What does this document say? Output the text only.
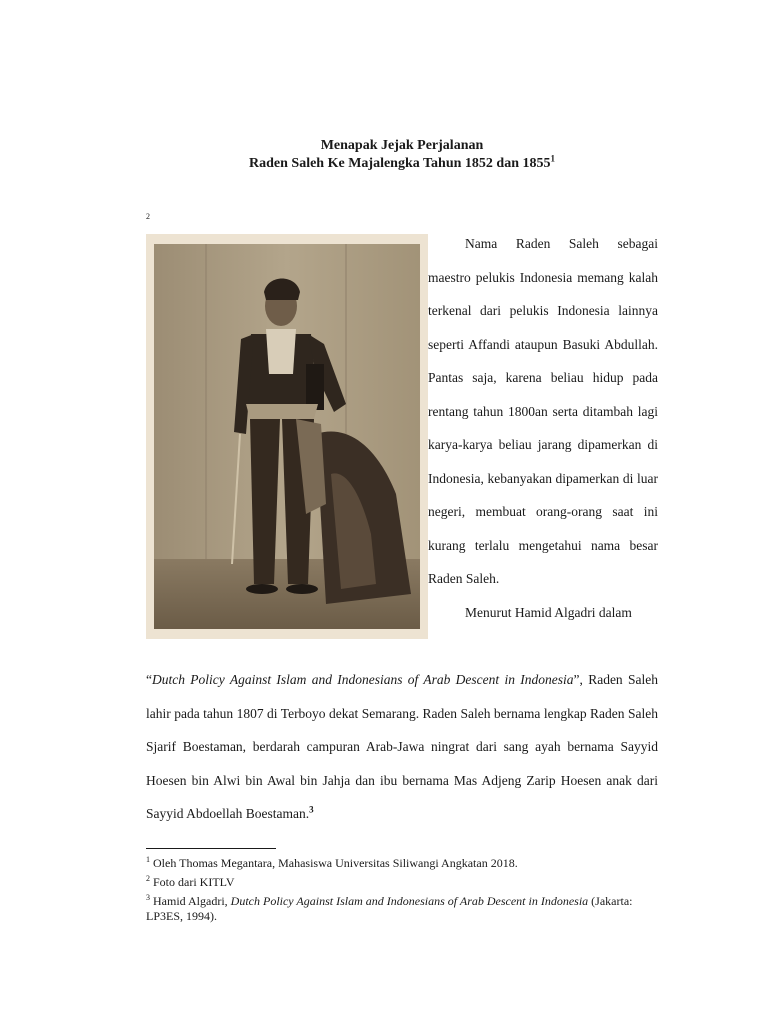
Menapak Jejak Perjalanan
Raden Saleh Ke Majalengka Tahun 1852 dan 1855$^1$
2

Nama Raden Saleh sebagai maestro pelukis Indonesia memang kalah terkenal dari pelukis Indonesia lainnya seperti Affandi ataupun Basuki Abdullah. Pantas saja, karena beliau hidup pada rentang tahun 1800an serta ditambah lagi karya-karya beliau jarang dipamerkan di Indonesia, kebanyakan dipamerkan di luar negeri, membuat orang-orang saat ini kurang terlalu mengetahui nama besar Raden Saleh.

Menurut Hamid Algadri dalam

“Dutch Policy Against Islam and Indonesians of Arab Descent in Indonesia”, Raden Saleh lahir pada tahun 1807 di Terboyo dekat Semarang. Raden Saleh bernama lengkap Raden Saleh Sjarif Boestaman, berdarah campuran Arab-Jawa ningrat dari sang ayah bernama Sayyid Hoesen bin Alwi bin Awal bin Jahja dan ibu bernama Mas Adjeng Zarip Hoesen anak dari Sayyid Abdoellah Boestaman.$^3$

$^1$ Oleh Thomas Megantara, Mahasiswa Universitas Siliwangi Angkatan 2018.
$^2$ Foto dari KITLV
$^3$ Hamid Algadri, Dutch Policy Against Islam and Indonesians of Arab Descent in Indonesia (Jakarta: LP3ES, 1994).
